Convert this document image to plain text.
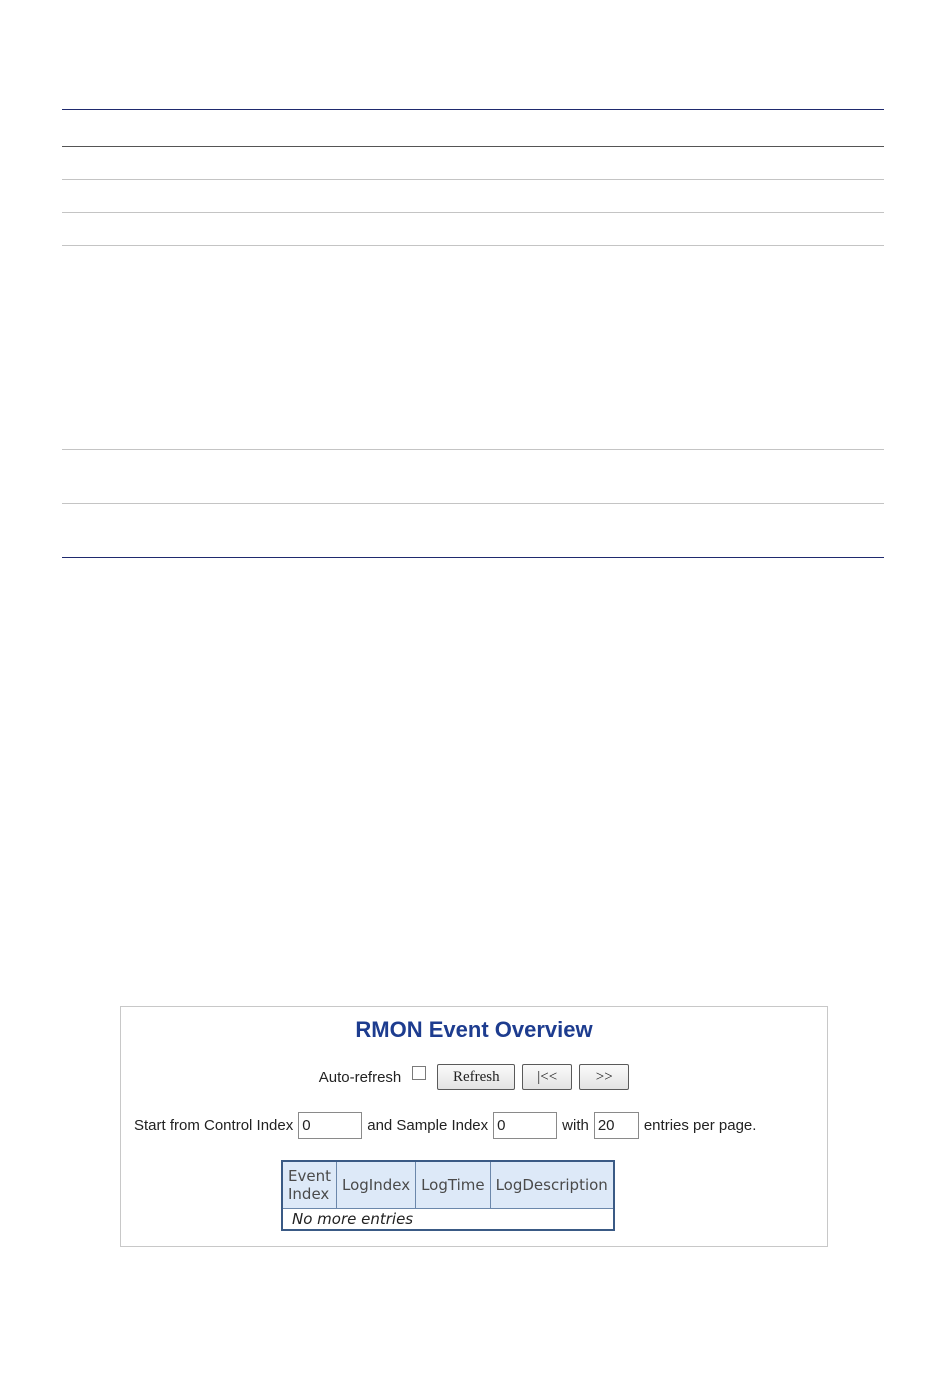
RMON Event Overview
Auto-refresh	Refresh	|<<	>>
Start from Control Index
0	and Sample Index
0	with
20	entries per page.
Event
Index	LogIndex	LogTime	LogDescription
No more entries
